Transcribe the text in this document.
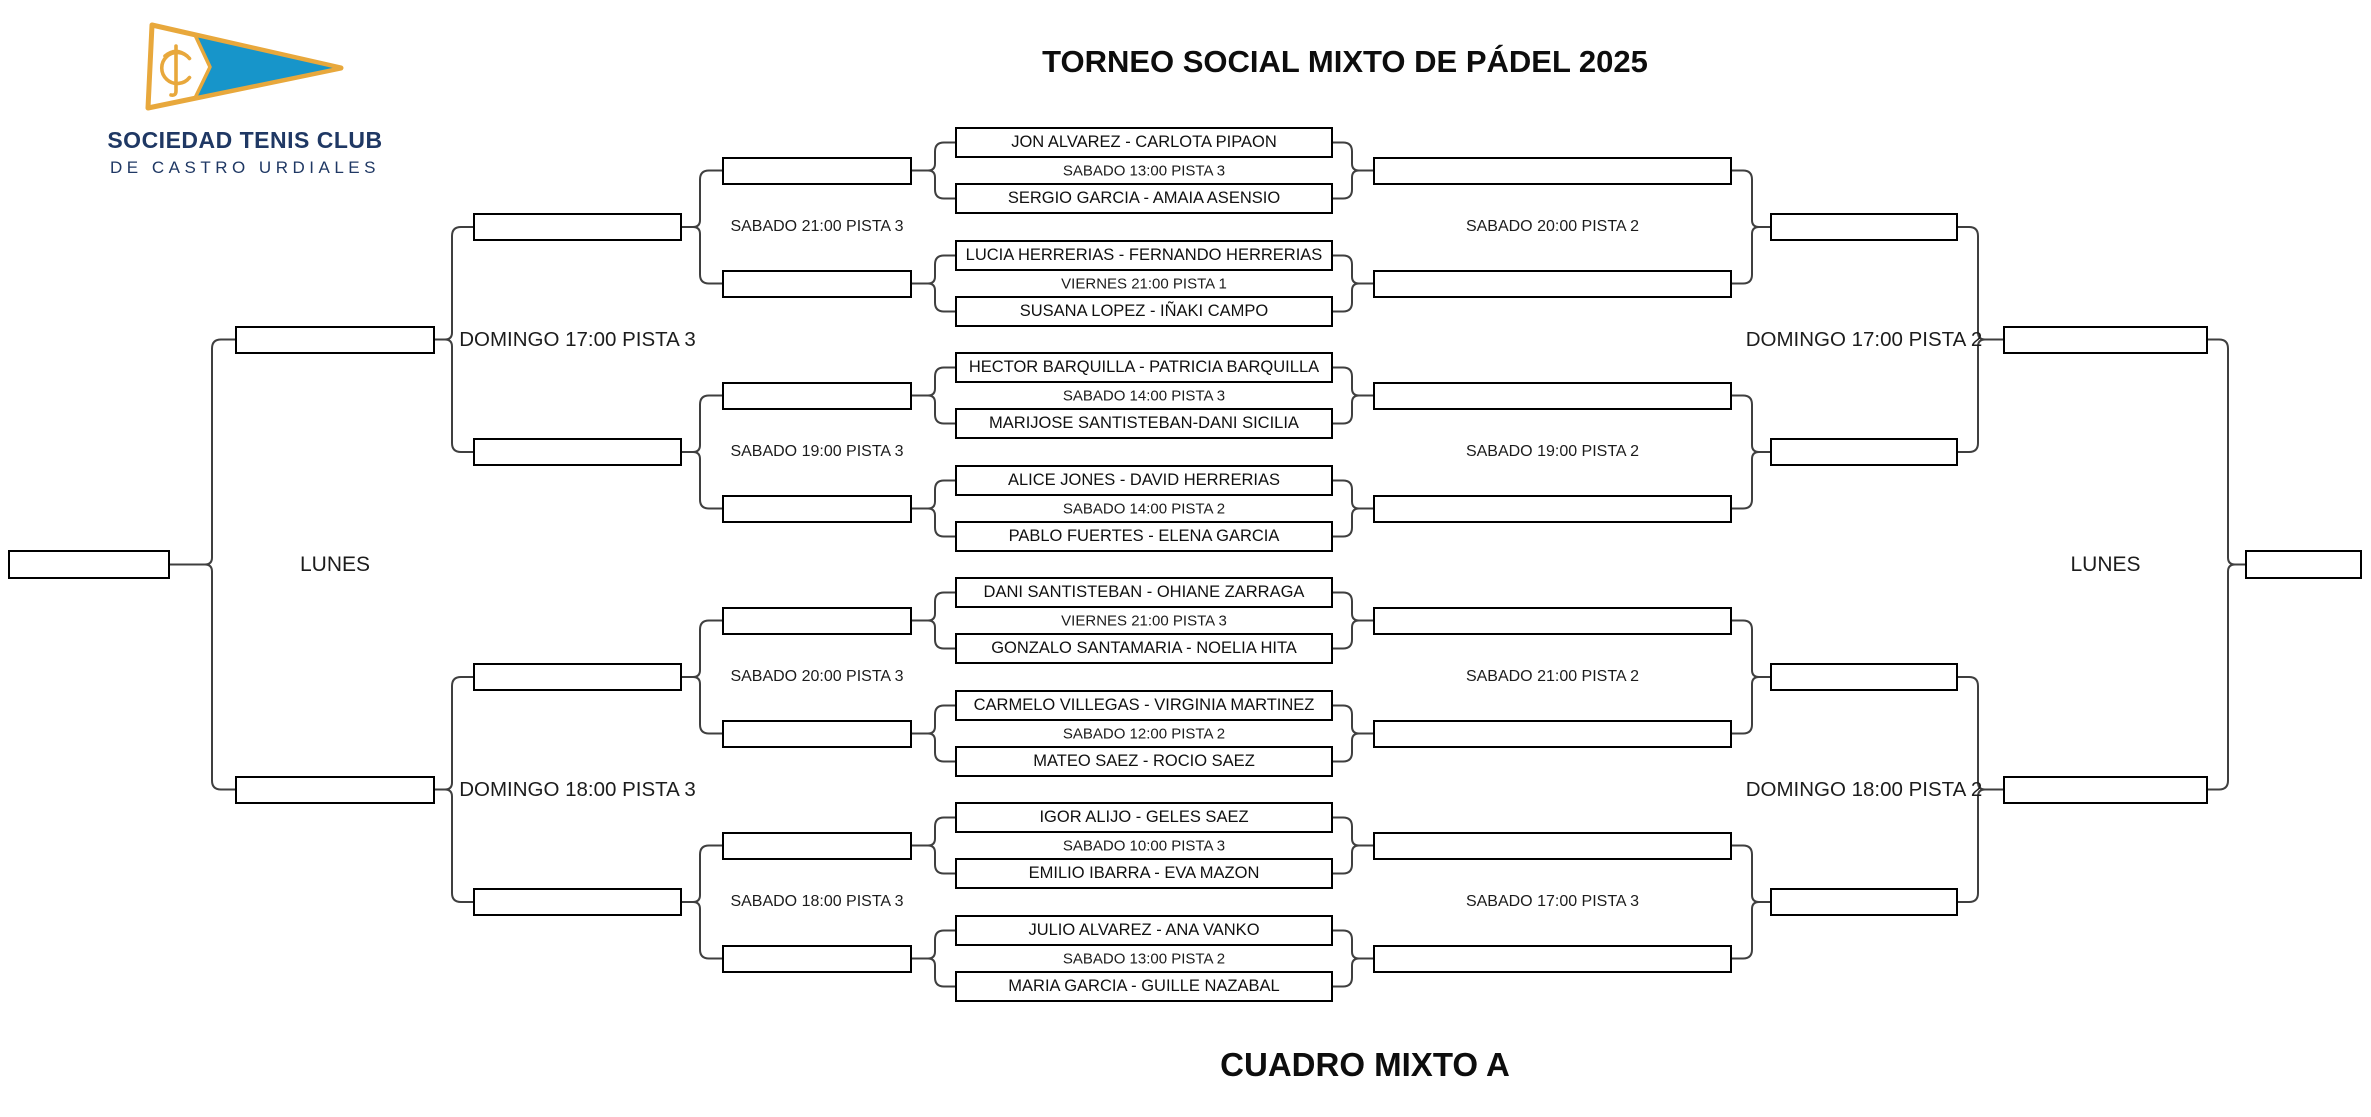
SOCIEDAD TENIS CLUB
DE CASTRO URDIALES
TORNEO SOCIAL MIXTO DE PÁDEL 2025
JON ALVAREZ - CARLOTA PIPAON
SERGIO GARCIA - AMAIA ASENSIO
SABADO 13:00 PISTA 3
LUCIA HERRERIAS - FERNANDO HERRERIAS
SUSANA LOPEZ - IÑAKI CAMPO
VIERNES 21:00 PISTA 1
HECTOR BARQUILLA - PATRICIA BARQUILLA
MARIJOSE SANTISTEBAN-DANI SICILIA
SABADO 14:00 PISTA 3
ALICE JONES - DAVID HERRERIAS
PABLO FUERTES - ELENA GARCIA
SABADO 14:00 PISTA 2
DANI SANTISTEBAN - OHIANE ZARRAGA
GONZALO SANTAMARIA - NOELIA HITA
VIERNES 21:00 PISTA 3
CARMELO VILLEGAS - VIRGINIA MARTINEZ
MATEO SAEZ - ROCIO SAEZ
SABADO 12:00 PISTA 2
IGOR ALIJO - GELES SAEZ
EMILIO IBARRA - EVA MAZON
SABADO 10:00 PISTA 3
JULIO ALVAREZ - ANA VANKO
MARIA GARCIA - GUILLE NAZABAL
SABADO 13:00 PISTA 2
SABADO 21:00 PISTA 3	SABADO 20:00 PISTA 2
SABADO 19:00 PISTA 3	SABADO 19:00 PISTA 2
SABADO 20:00 PISTA 3	SABADO 21:00 PISTA 2
SABADO 18:00 PISTA 3	SABADO 17:00 PISTA 3
DOMINGO 17:00 PISTA 3	DOMINGO 17:00 PISTA 2
DOMINGO 18:00 PISTA 3	DOMINGO 18:00 PISTA 2
LUNES	LUNES
CUADRO MIXTO A
